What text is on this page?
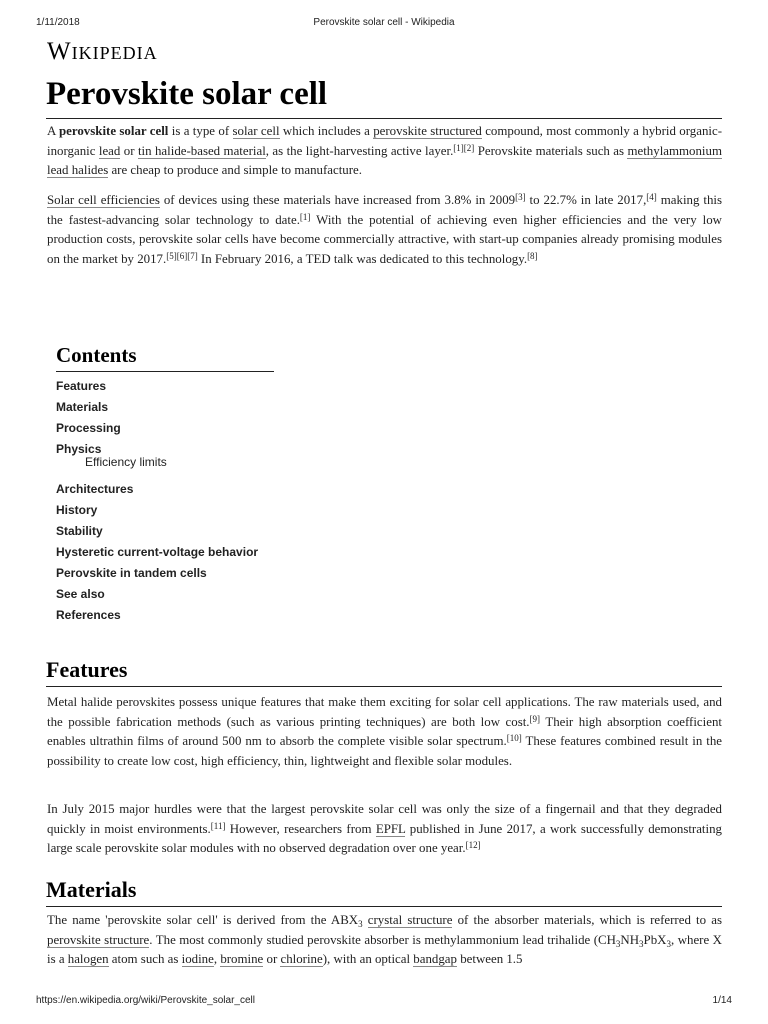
1/11/2018	Perovskite solar cell - Wikipedia
Wikipedia
Perovskite solar cell

A perovskite solar cell is a type of solar cell which includes a perovskite structured compound, most commonly a hybrid organic-inorganic lead or tin halide-based material, as the light-harvesting active layer.[1][2] Perovskite materials such as methylammonium lead halides are cheap to produce and simple to manufacture.

Solar cell efficiencies of devices using these materials have increased from 3.8% in 2009[3] to 22.7% in late 2017,[4] making this the fastest-advancing solar technology to date.[1] With the potential of achieving even higher efficiencies and the very low production costs, perovskite solar cells have become commercially attractive, with start-up companies already promising modules on the market by 2017.[5][6][7] In February 2016, a TED talk was dedicated to this technology.[8]

Contents
Features
Materials
Processing
Physics
Efficiency limits
Architectures
History
Stability
Hysteretic current-voltage behavior
Perovskite in tandem cells
See also
References
Features

Metal halide perovskites possess unique features that make them exciting for solar cell applications. The raw materials used, and the possible fabrication methods (such as various printing techniques) are both low cost.[9] Their high absorption coefficient enables ultrathin films of around 500 nm to absorb the complete visible solar spectrum.[10] These features combined result in the possibility to create low cost, high efficiency, thin, lightweight and flexible solar modules.

In July 2015 major hurdles were that the largest perovskite solar cell was only the size of a fingernail and that they degraded quickly in moist environments.[11] However, researchers from EPFL published in June 2017, a work successfully demonstrating large scale perovskite solar modules with no observed degradation over one year.[12]

Materials

The name 'perovskite solar cell' is derived from the $ABX_3$ crystal structure of the absorber materials, which is referred to as perovskite structure. The most commonly studied perovskite absorber is methylammonium lead trihalide ($CH_3NH_3PbX_3$, where X is a halogen atom such as iodine, bromine or chlorine), with an optical bandgap between 1.5

https://en.wikipedia.org/wiki/Perovskite_solar_cell	1/14
